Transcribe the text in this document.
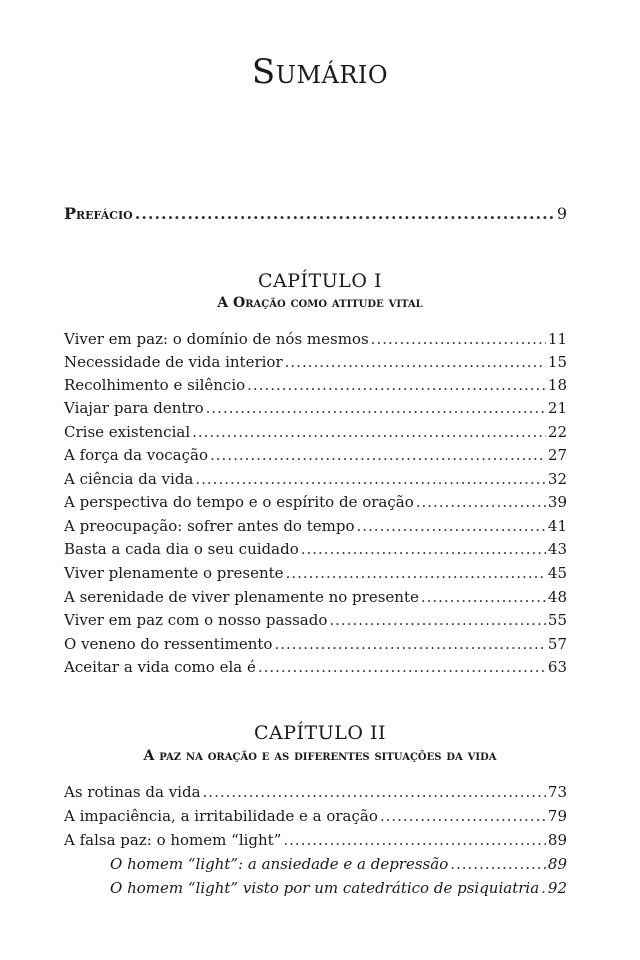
Sumário
Prefácio .....	9
CAPÍTULO I
A Oração como atitude vital
Viver em paz: o domínio de nós mesmos .....	11
Necessidade de vida interior .....	15
Recolhimento e silêncio .....	18
Viajar para dentro .....	21
Crise existencial .....	22
A força da vocação .....	27
A ciência da vida .....	32
A perspectiva do tempo e o espírito de oração .....	39
A preocupação: sofrer antes do tempo .....	41
Basta a cada dia o seu cuidado .....	43
Viver plenamente o presente .....	45
A serenidade de viver plenamente no presente .....	48
Viver em paz com o nosso passado .....	55
O veneno do ressentimento .....	57
Aceitar a vida como ela é .....	63
CAPÍTULO II
A paz na oração e as diferentes situações da vida
As rotinas da vida .....	73
A impaciência, a irritabilidade e a oração .....	79
A falsa paz: o homem “light” .....	89
O homem “light”: a ansiedade e a depressão .....	89
O homem “light” visto por um catedrático de psiquiatria ..... 92
